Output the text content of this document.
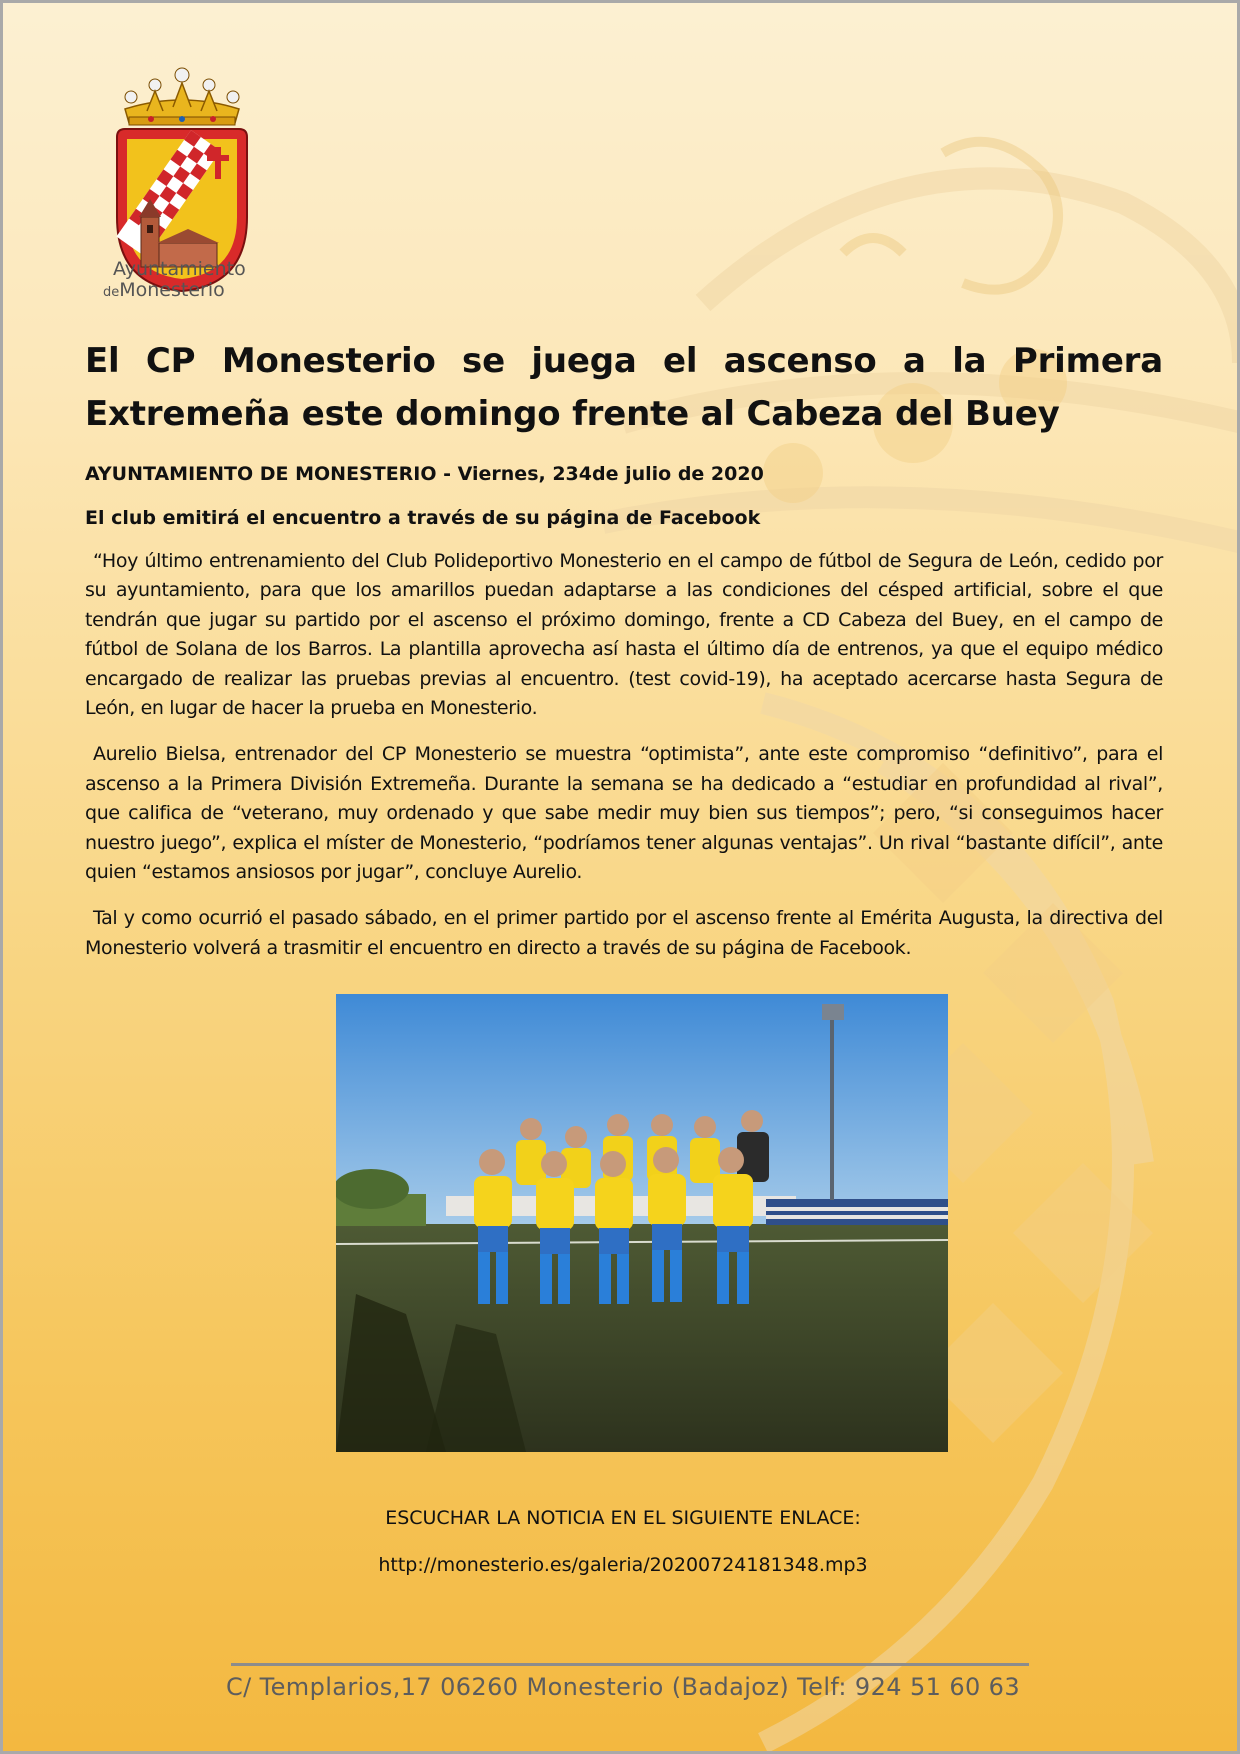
Ayuntamiento
deMonesterio
El CP Monesterio se juega el ascenso a la Primera Extremeña este domingo frente al Cabeza del Buey

AYUNTAMIENTO DE MONESTERIO - Viernes, 234de julio de 2020

El club emitirá el encuentro a través de su página de Facebook

“Hoy último entrenamiento del Club Polideportivo Monesterio en el campo de fútbol de Segura de León, cedido por su ayuntamiento, para que los amarillos puedan adaptarse a las condiciones del césped artificial, sobre el que tendrán que jugar su partido por el ascenso el próximo domingo, frente a CD Cabeza del Buey, en el campo de fútbol de Solana de los Barros. La plantilla aprovecha así hasta el último día de entrenos, ya que el equipo médico encargado de realizar las pruebas previas al encuentro. (test covid-19), ha aceptado acercarse hasta Segura de León, en lugar de hacer la prueba en Monesterio.

Aurelio Bielsa, entrenador del CP Monesterio se muestra “optimista”, ante este compromiso “definitivo”, para el ascenso a la Primera División Extremeña. Durante la semana se ha dedicado a “estudiar en profundidad al rival”, que califica de “veterano, muy ordenado y que sabe medir muy bien sus tiempos”; pero, “si conseguimos hacer nuestro juego”, explica el míster de Monesterio, “podríamos tener algunas ventajas”. Un rival “bastante difícil”, ante quien “estamos ansiosos por jugar”, concluye Aurelio.

Tal y como ocurrió el pasado sábado, en el primer partido por el ascenso frente al Emérita Augusta, la directiva del Monesterio volverá a trasmitir el encuentro en directo a través de su página de Facebook.

ESCUCHAR LA NOTICIA EN EL SIGUIENTE ENLACE:
http://monesterio.es/galeria/20200724181348.mp3
C/ Templarios,17 06260 Monesterio (Badajoz) Telf: 924 51 60 63
